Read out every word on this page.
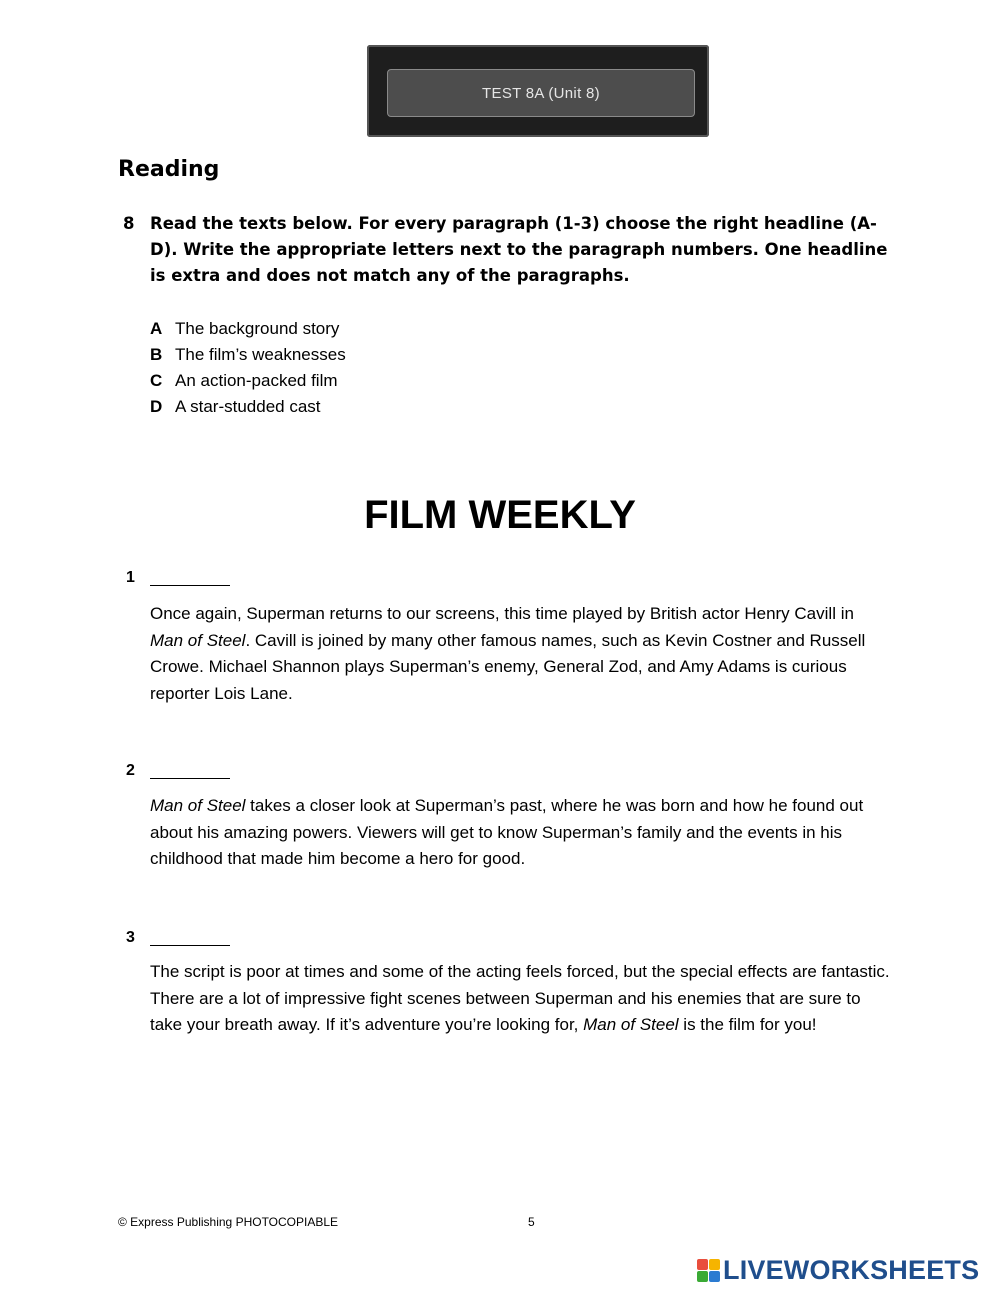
TEST 8A (Unit 8)
Reading
8 Read the texts below. For every paragraph (1-3) choose the right headline (A-D). Write the appropriate letters next to the paragraph numbers. One headline is extra and does not match any of the paragraphs.

A The background story
B The film’s weaknesses
C An action-packed film
D A star-studded cast
FILM WEEKLY
1

Once again, Superman returns to our screens, this time played by British actor Henry Cavill in Man of Steel. Cavill is joined by many other famous names, such as Kevin Costner and Russell Crowe. Michael Shannon plays Superman’s enemy, General Zod, and Amy Adams is curious reporter Lois Lane.

2

Man of Steel takes a closer look at Superman’s past, where he was born and how he found out about his amazing powers. Viewers will get to know Superman’s family and the events in his childhood that made him become a hero for good.

3

The script is poor at times and some of the acting feels forced, but the special effects are fantastic. There are a lot of impressive fight scenes between Superman and his enemies that are sure to take your breath away. If it’s adventure you’re looking for, Man of Steel is the film for you!

© Express Publishing PHOTOCOPIABLE	5
LIVEWORKSHEETS
